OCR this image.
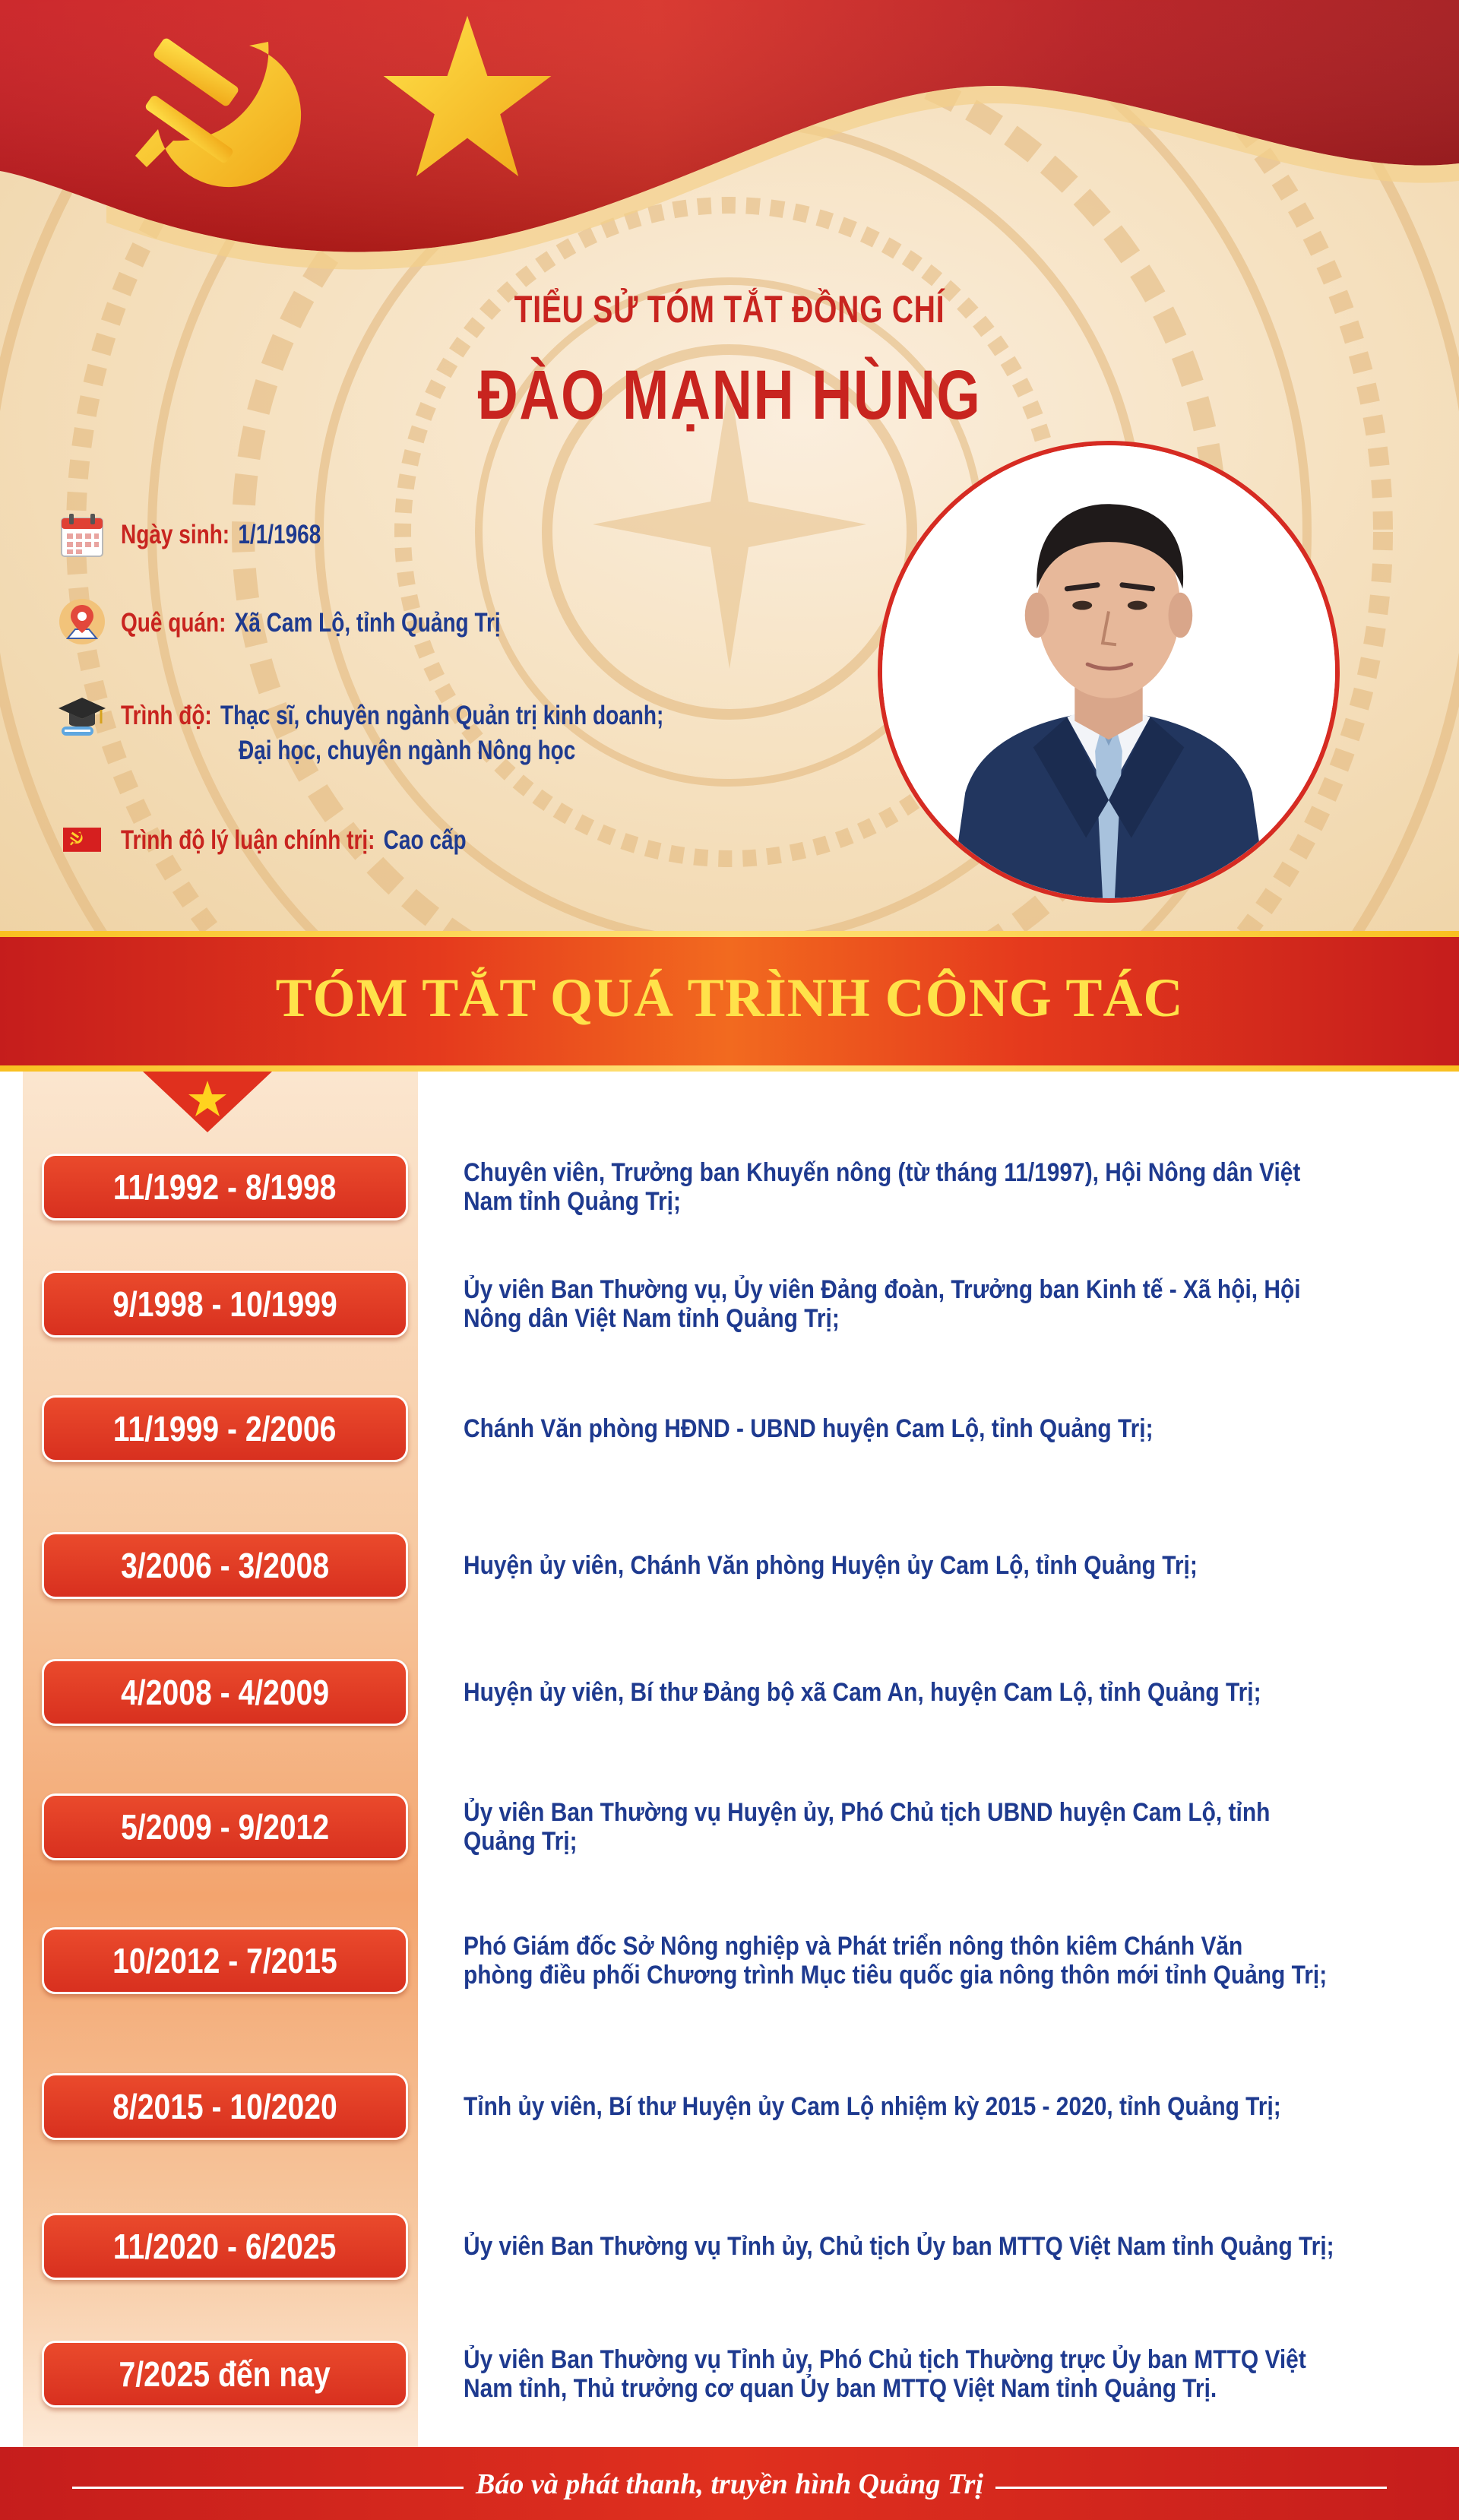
TIỂU SỬ TÓM TẮT ĐỒNG CHÍ
ĐÀO MẠNH HÙNG
Ngày sinh: 1/1/1968
Quê quán: Xã Cam Lộ, tỉnh Quảng Trị
Trình độ: Thạc sĩ, chuyên ngành Quản trị kinh doanh;
Đại học, chuyên ngành Nông học
Trình độ lý luận chính trị: Cao cấp
TÓM TẮT QUÁ TRÌNH CÔNG TÁC
11/1992 - 8/1998	Chuyên viên, Trưởng ban Khuyến nông (từ tháng 11/1997), Hội Nông dân Việt
Nam tỉnh Quảng Trị;
9/1998 - 10/1999	Ủy viên Ban Thường vụ, Ủy viên Đảng đoàn, Trưởng ban Kinh tế - Xã hội, Hội
Nông dân Việt Nam tỉnh Quảng Trị;
11/1999 - 2/2006	Chánh Văn phòng HĐND - UBND huyện Cam Lộ, tỉnh Quảng Trị;
3/2006 - 3/2008	Huyện ủy viên, Chánh Văn phòng Huyện ủy Cam Lộ, tỉnh Quảng Trị;
4/2008 - 4/2009	Huyện ủy viên, Bí thư Đảng bộ xã Cam An, huyện Cam Lộ, tỉnh Quảng Trị;
5/2009 - 9/2012	Ủy viên Ban Thường vụ Huyện ủy, Phó Chủ tịch UBND huyện Cam Lộ, tỉnh
Quảng Trị;
10/2012 - 7/2015	Phó Giám đốc Sở Nông nghiệp và Phát triển nông thôn kiêm Chánh Văn
phòng điều phối Chương trình Mục tiêu quốc gia nông thôn mới tỉnh Quảng Trị;
8/2015 - 10/2020	Tỉnh ủy viên, Bí thư Huyện ủy Cam Lộ nhiệm kỳ 2015 - 2020, tỉnh Quảng Trị;
11/2020 - 6/2025	Ủy viên Ban Thường vụ Tỉnh ủy, Chủ tịch Ủy ban MTTQ Việt Nam tỉnh Quảng Trị;
7/2025 đến nay	Ủy viên Ban Thường vụ Tỉnh ủy, Phó Chủ tịch Thường trực Ủy ban MTTQ Việt
Nam tỉnh, Thủ trưởng cơ quan Ủy ban MTTQ Việt Nam tỉnh Quảng Trị.
Báo và phát thanh, truyền hình Quảng Trị
